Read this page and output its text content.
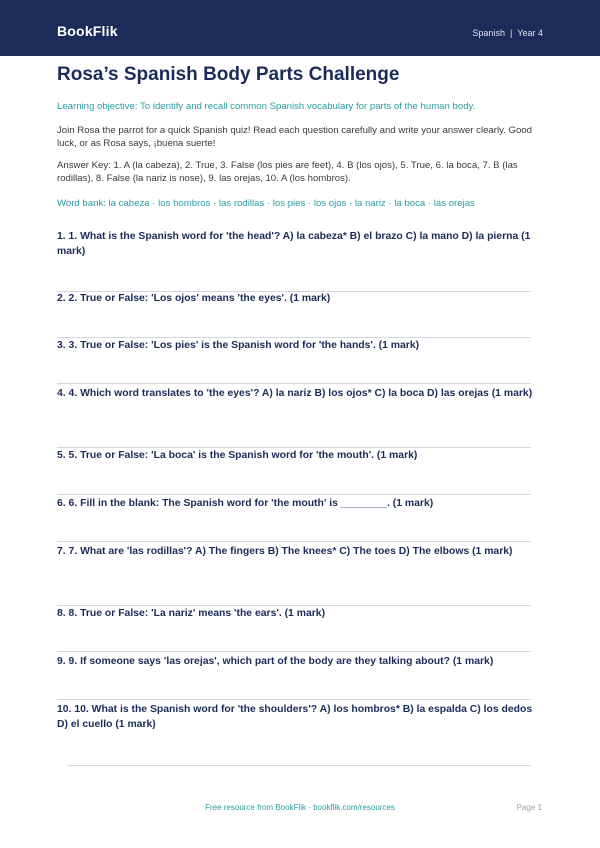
BookFlik	Spanish | Year 4
Rosa’s Spanish Body Parts Challenge

Learning objective: To identify and recall common Spanish vocabulary for parts of the human body.

Join Rosa the parrot for a quick Spanish quiz! Read each question carefully and write your answer clearly. Good luck, or as Rosa says, ¡buena suerte!

Answer Key: 1. A (la cabeza), 2. True, 3. False (los pies are feet), 4. B (los ojos), 5. True, 6. la boca, 7. B (las rodillas), 8. False (la nariz is nose), 9. las orejas, 10. A (los hombros).

Word bank: la cabeza · los hombros · las rodillas · los pies · los ojos · la nariz · la boca · las orejas

1. 1. What is the Spanish word for 'the head'? A) la cabeza* B) el brazo C) la mano D) la pierna (1 mark)

2. 2. True or False: 'Los ojos' means 'the eyes'. (1 mark)

3. 3. True or False: 'Los pies' is the Spanish word for 'the hands'. (1 mark)

4. 4. Which word translates to 'the eyes'? A) la nariz B) los ojos* C) la boca D) las orejas (1 mark)

5. 5. True or False: 'La boca' is the Spanish word for 'the mouth'. (1 mark)

6. 6. Fill in the blank: The Spanish word for 'the mouth' is ________. (1 mark)

7. 7. What are 'las rodillas'? A) The fingers B) The knees* C) The toes D) The elbows (1 mark)

8. 8. True or False: 'La nariz' means 'the ears'. (1 mark)

9. 9. If someone says 'las orejas', which part of the body are they talking about? (1 mark)

10. 10. What is the Spanish word for 'the shoulders'? A) los hombros* B) la espalda C) los dedos D) el cuello (1 mark)

Free resource from BookFlik · bookflik.com/resources	Page 1
